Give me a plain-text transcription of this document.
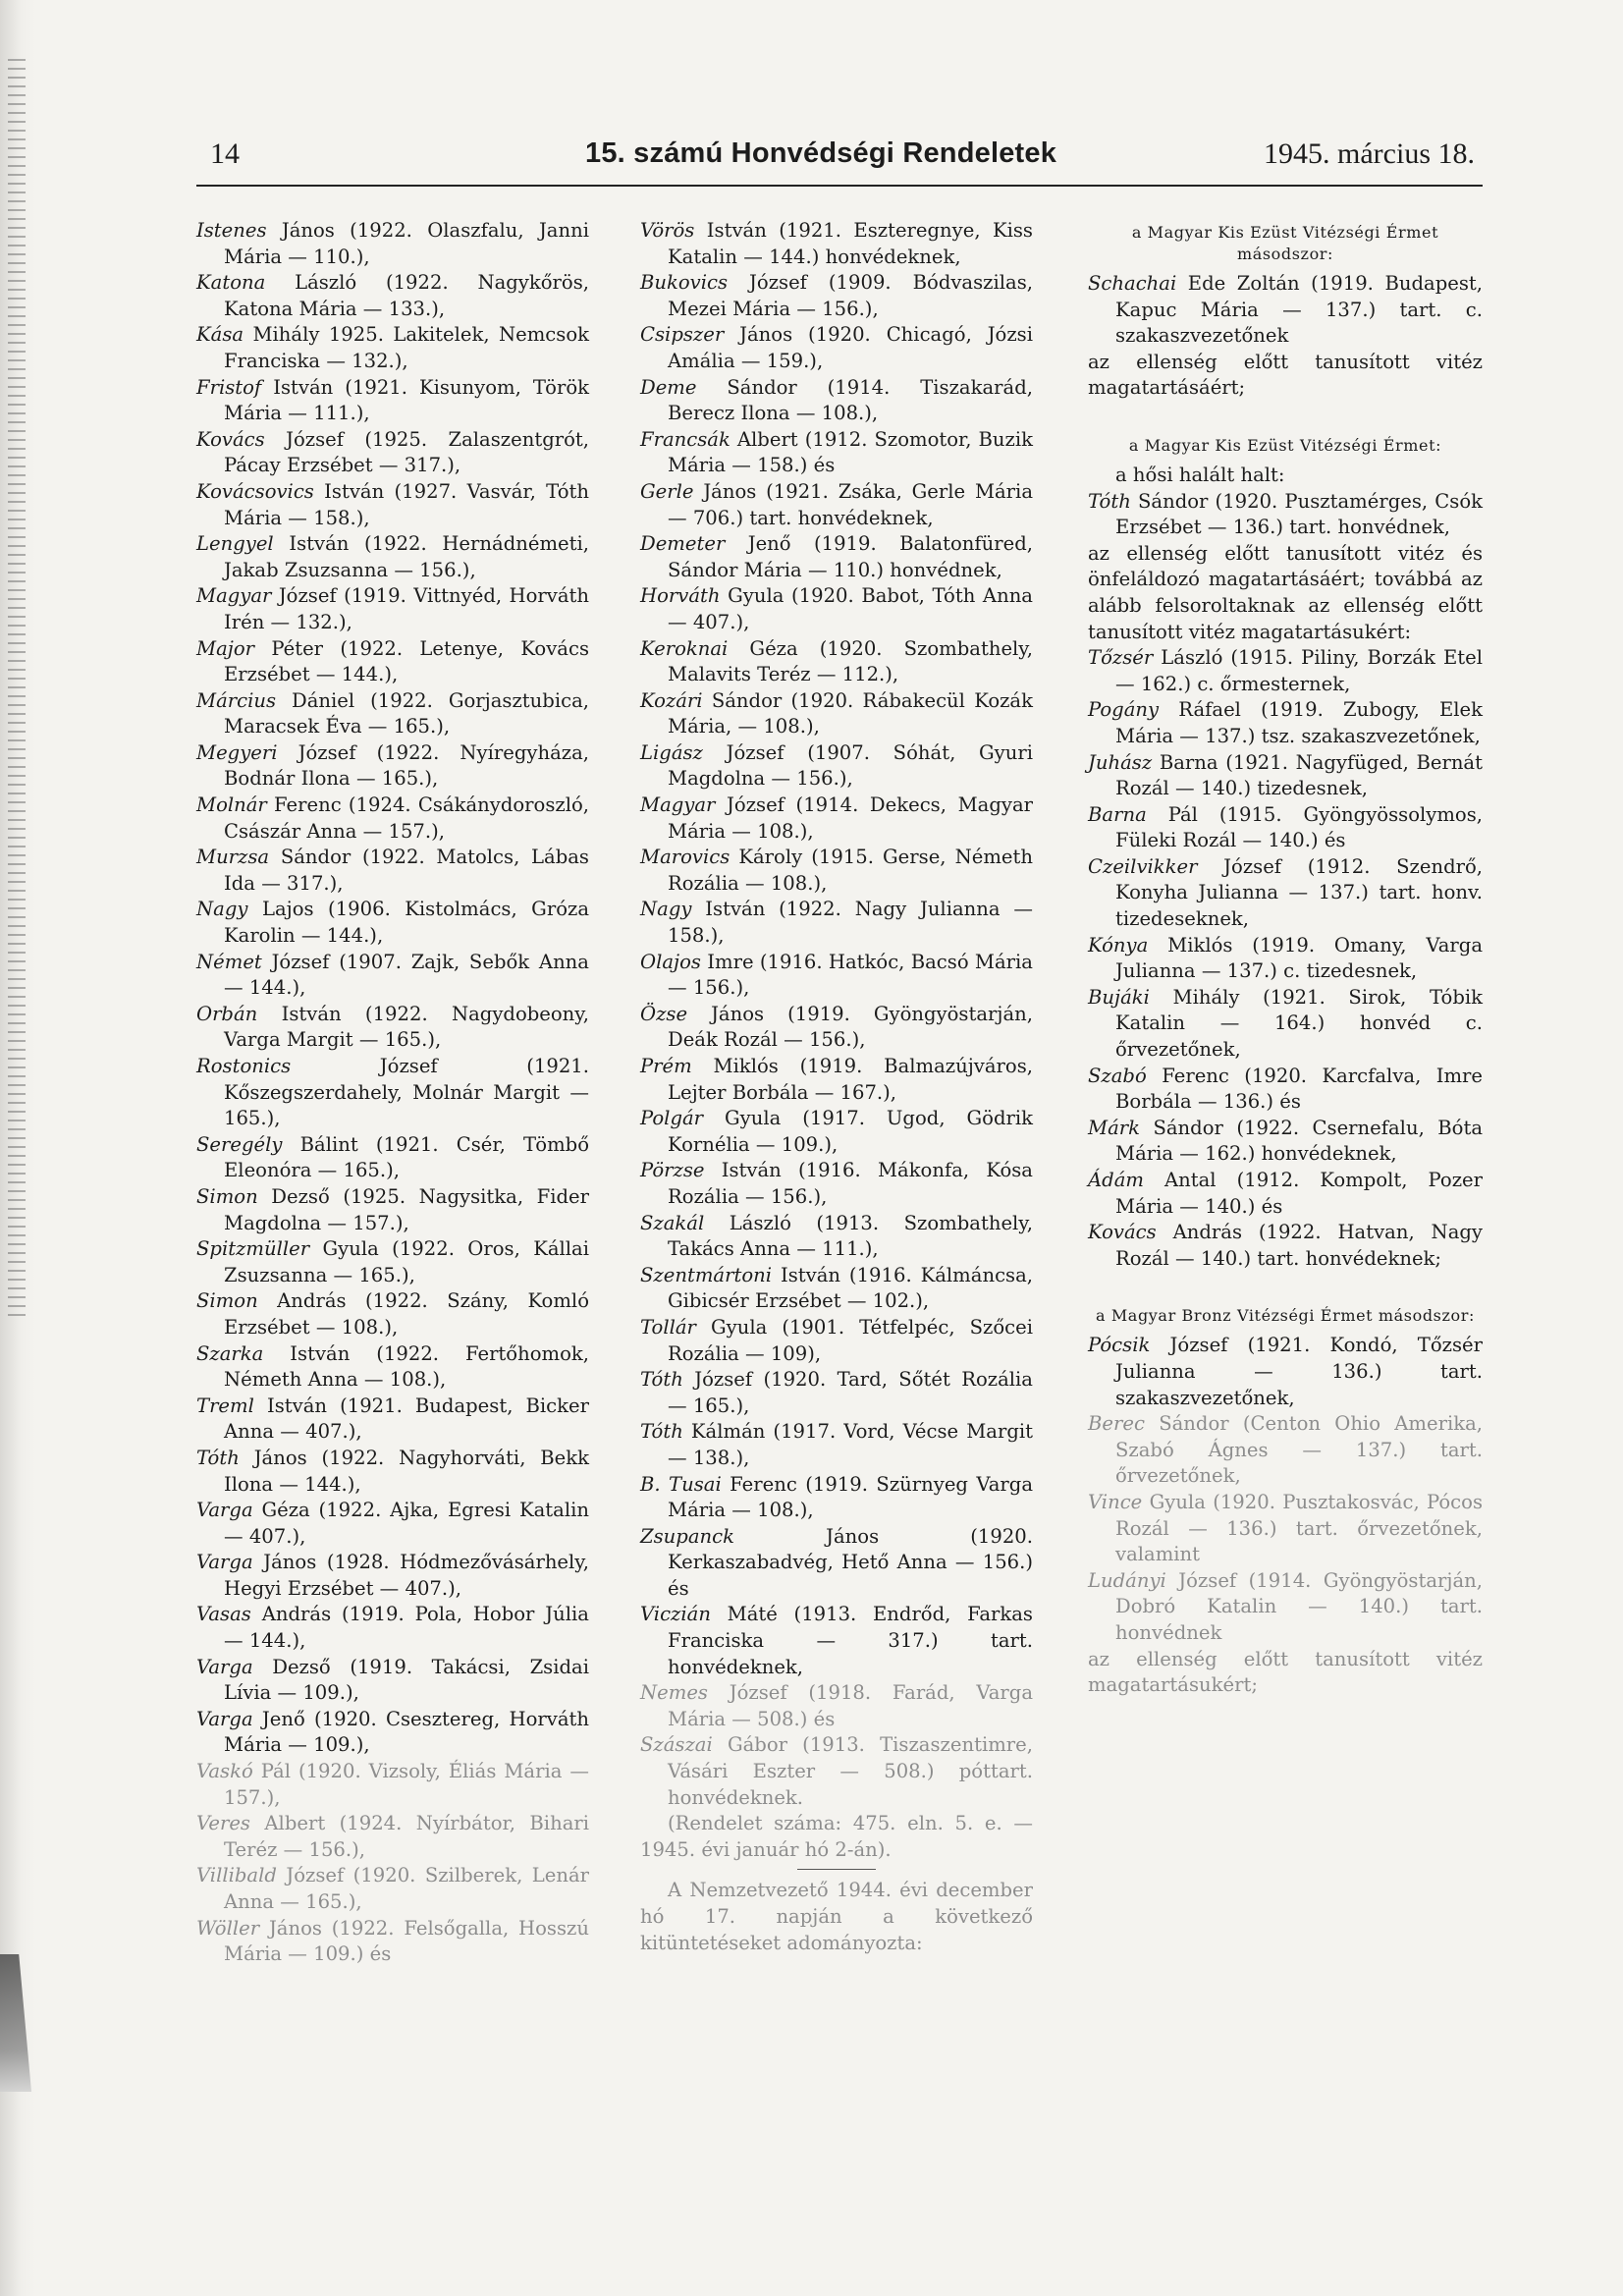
14	15. számú Honvédségi Rendeletek	1945. március 18.

Istenes János (1922. Olaszfalu, Janni Mária — 110.),

Katona László (1922. Nagykőrös, Katona Mária — 133.),

Kása Mihály 1925. Lakitelek, Nemcsok Franciska — 132.),

Fristof István (1921. Kisunyom, Török Mária — 111.),

Kovács József (1925. Zalaszentgrót, Pácay Erzsébet — 317.),

Kovácsovics István (1927. Vasvár, Tóth Mária — 158.),

Lengyel István (1922. Hernádnémeti, Jakab Zsuzsanna — 156.),

Magyar József (1919. Vittnyéd, Horváth Irén — 132.),

Major Péter (1922. Letenye, Kovács Erzsébet — 144.),

Március Dániel (1922. Gorjasztubica, Maracsek Éva — 165.),

Megyeri József (1922. Nyíregyháza, Bodnár Ilona — 165.),

Molnár Ferenc (1924. Csákánydoroszló, Császár Anna — 157.),

Murzsa Sándor (1922. Matolcs, Lábas Ida — 317.),

Nagy Lajos (1906. Kistolmács, Gróza Karolin — 144.),

Német József (1907. Zajk, Sebők Anna — 144.),

Orbán István (1922. Nagydobeony, Varga Margit — 165.),

Rostonics	József (1921. Kőszegszerdahely, Molnár Margit — 165.),

Seregély Bálint (1921. Csér, Tömbő Eleonóra — 165.),

Simon Dezső (1925. Nagysitka, Fider Magdolna — 157.),

Spitzmüller Gyula (1922. Oros, Kállai Zsuzsanna — 165.),

Simon András (1922. Szány, Komló Erzsébet — 108.),

Szarka István (1922. Fertőhomok, Németh Anna — 108.),

Treml István (1921. Budapest, Bicker Anna — 407.),

Tóth János (1922. Nagyhorváti, Bekk Ilona — 144.),

Varga Géza (1922. Ajka, Egresi Katalin — 407.),

Varga János (1928. Hódmezővásárhely, Hegyi Erzsébet — 407.),

Vasas András (1919. Pola, Hobor Júlia — 144.),

Varga Dezső (1919. Takácsi, Zsidai Lívia — 109.),

Varga Jenő (1920. Csesztereg, Horváth Mária — 109.),

Vaskó Pál (1920. Vizsoly, Éliás Mária — 157.),

Veres Albert (1924. Nyírbátor, Bihari Teréz — 156.),

Villibald József (1920. Szilberek, Lenár Anna — 165.),

Wöller János (1922. Felsőgalla, Hosszú Mária — 109.) és

Vörös István (1921. Eszteregnye, Kiss Katalin — 144.) honvédeknek,

Bukovics József (1909. Bódvaszilas, Mezei Mária — 156.),

Csipszer János (1920. Chicagó, Józsi Amália — 159.),

Deme Sándor (1914. Tiszakarád, Berecz Ilona — 108.),

Francsák Albert (1912. Szomotor, Buzik Mária — 158.) és

Gerle János (1921. Zsáka, Gerle Mária — 706.) tart. honvédeknek,

Demeter Jenő (1919. Balatonfüred, Sándor Mária — 110.) honvédnek,

Horváth Gyula (1920. Babot, Tóth Anna — 407.),

Keroknai Géza (1920. Szombathely, Malavits Teréz — 112.),

Kozári Sándor (1920. Rábakecül Kozák Mária, — 108.),

Ligász József (1907. Sóhát, Gyuri Magdolna — 156.),

Magyar József (1914. Dekecs, Magyar Mária — 108.),

Marovics Károly (1915. Gerse, Németh Rozália — 108.),

Nagy István (1922. Nagy Julianna — 158.),

Olajos Imre (1916. Hatkóc, Bacsó Mária — 156.),

Özse János (1919. Gyöngyöstarján, Deák Rozál — 156.),

Prém Miklós (1919. Balmazújváros, Lejter Borbála — 167.),

Polgár Gyula (1917. Ugod, Gödrik Kornélia — 109.),

Pörzse István (1916. Mákonfa, Kósa Rozália — 156.),

Szakál László (1913. Szombathely, Takács Anna — 111.),

Szentmártoni István (1916. Kálmáncsa, Gibicsér Erzsébet — 102.),

Tollár Gyula (1901. Tétfelpéc, Szőcei Rozália — 109),

Tóth József (1920. Tard, Sőtét Rozália — 165.),

Tóth Kálmán (1917. Vord, Vécse Margit — 138.),

B. Tusai Ferenc (1919. Szürnyeg Varga Mária — 108.),

Zsupanck	János (1920. Kerkaszabadvég, Hető Anna — 156.) és

Viczián Máté (1913. Endrőd, Farkas Franciska — 317.) tart. honvédeknek,

Nemes József (1918. Farád, Varga Mária — 508.) és

Szászai Gábor (1913. Tiszaszentimre, Vásári Eszter — 508.) póttart. honvédeknek.

(Rendelet száma: 475. eln. 5. e. — 1945. évi január hó 2-án).

A Nemzetvezető 1944. évi december hó 17. napján a következő kitüntetéseket adományozta:

a Magyar Kis Ezüst Vitézségi Érmet másodszor:

Schachai Ede Zoltán (1919. Budapest, Kapuc Mária — 137.) tart. c. szakaszvezetőnek

az ellenség előtt tanusított vitéz magatartásáért;

a Magyar Kis Ezüst Vitézségi Érmet:

a hősi halált halt:

Tóth Sándor (1920. Pusztamérges, Csók Erzsébet — 136.) tart. honvédnek,

az ellenség előtt tanusított vitéz és önfeláldozó magatartásáért; továbbá az alább felsoroltaknak az ellenség előtt tanusított vitéz magatartásukért:

Tőzsér László (1915. Piliny, Borzák Etel — 162.) c. őrmesternek,

Pogány Ráfael (1919. Zubogy, Elek Mária — 137.) tsz. szakaszvezetőnek,

Juhász Barna (1921. Nagyfüged, Bernát Rozál — 140.) tizedesnek,

Barna Pál (1915. Gyöngyössolymos, Füleki Rozál — 140.) és

Czeilvikker József (1912. Szendrő, Konyha Julianna — 137.) tart. honv. tizedeseknek,

Kónya Miklós (1919. Omany, Varga Julianna — 137.) c. tizedesnek,

Bujáki Mihály (1921. Sirok, Tóbik Katalin — 164.) honvéd c. őrvezetőnek,

Szabó Ferenc (1920. Karcfalva, Imre Borbála — 136.) és

Márk Sándor (1922. Csernefalu, Bóta Mária — 162.) honvédeknek,

Ádám Antal (1912. Kompolt, Pozer Mária — 140.) és

Kovács András (1922. Hatvan, Nagy Rozál — 140.) tart. honvédeknek;

a Magyar Bronz Vitézségi Érmet másodszor:

Pócsik József (1921. Kondó, Tőzsér Julianna — 136.) tart. szakaszvezetőnek,

Berec Sándor (Centon Ohio Amerika, Szabó Ágnes — 137.) tart. őrvezetőnek,

Vince Gyula (1920. Pusztakosvác, Pócos Rozál — 136.) tart. őrvezetőnek, valamint

Ludányi József (1914. Gyöngyöstarján, Dobró Katalin — 140.) tart. honvédnek

az ellenség előtt tanusított vitéz magatartásukért;
